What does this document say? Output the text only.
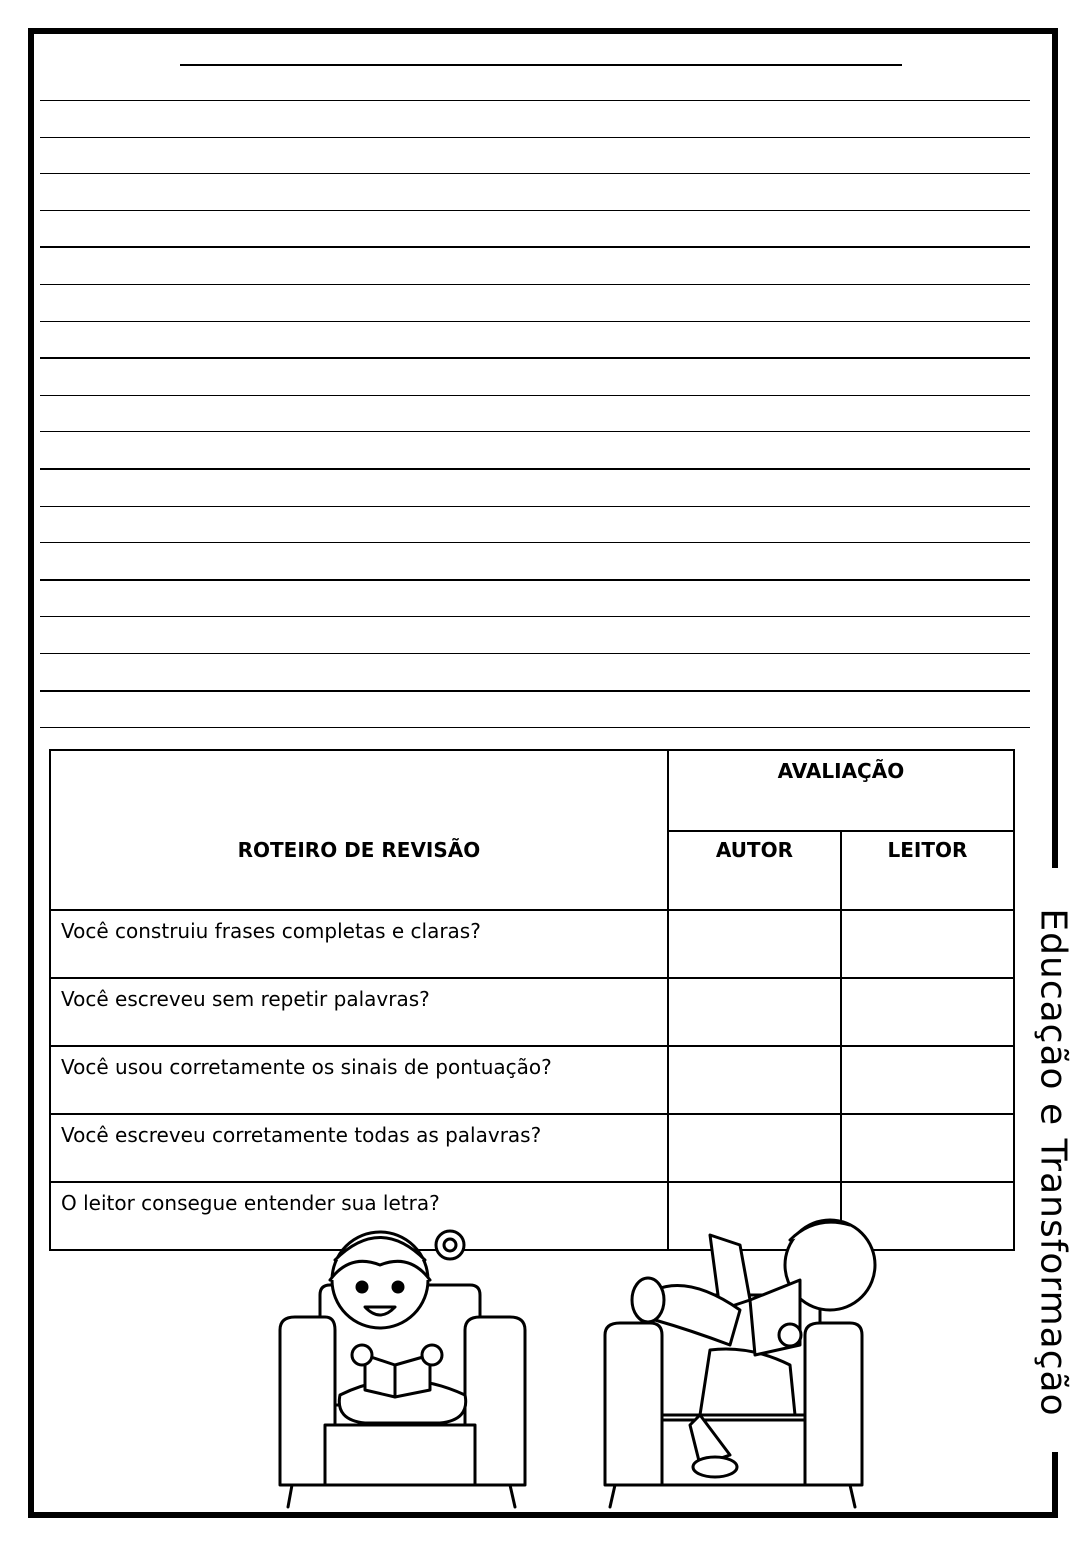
Educação e Transformação
ROTEIRO DE REVISÃO	AVALIAÇÃO	
	AUTOR	LEITOR
Você construiu frases completas e claras?		
Você escreveu sem repetir palavras?		
Você usou corretamente os sinais de pontuação?		
Você escreveu corretamente todas as palavras?		
O leitor consegue entender sua letra?		
